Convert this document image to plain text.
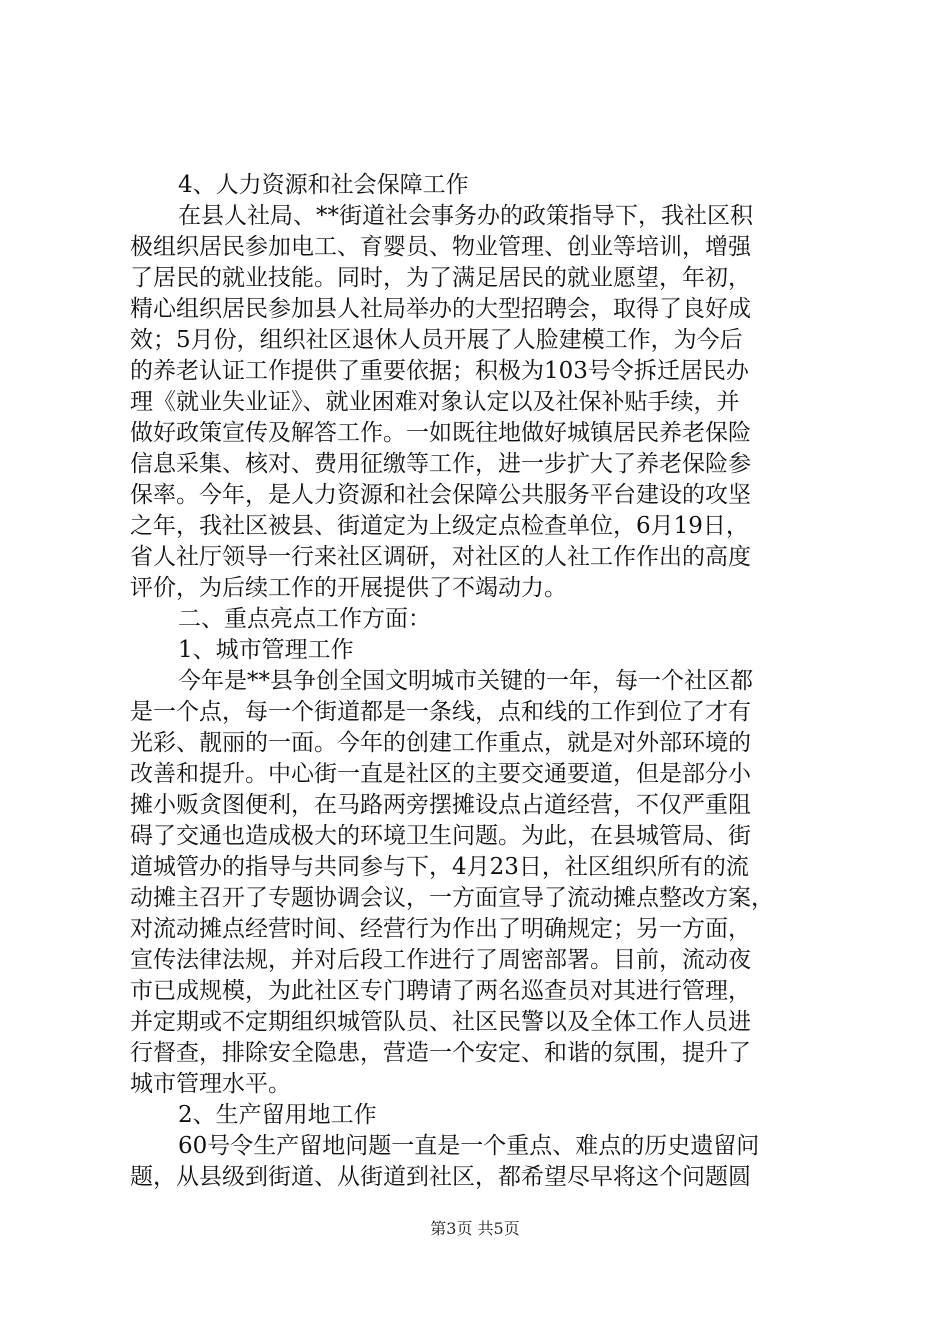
4、人力资源和社会保障工作
在县人社局、**街道社会事务办的政策指导下，我社区积
极组织居民参加电工、育婴员、物业管理、创业等培训，增强
了居民的就业技能。同时，为了满足居民的就业愿望，年初，
精心组织居民参加县人社局举办的大型招聘会，取得了良好成
效；5月份，组织社区退休人员开展了人脸建模工作，为今后
的养老认证工作提供了重要依据；积极为103号令拆迁居民办
理《就业失业证》、就业困难对象认定以及社保补贴手续，并
做好政策宣传及解答工作。一如既往地做好城镇居民养老保险
信息采集、核对、费用征缴等工作，进一步扩大了养老保险参
保率。今年，是人力资源和社会保障公共服务平台建设的攻坚
之年，我社区被县、街道定为上级定点检查单位，6月19日，
省人社厅领导一行来社区调研，对社区的人社工作作出的高度
评价，为后续工作的开展提供了不竭动力。
二、重点亮点工作方面：
1、城市管理工作
今年是**县争创全国文明城市关键的一年，每一个社区都
是一个点，每一个街道都是一条线，点和线的工作到位了才有
光彩、靓丽的一面。今年的创建工作重点，就是对外部环境的
改善和提升。中心街一直是社区的主要交通要道，但是部分小
摊小贩贪图便利，在马路两旁摆摊设点占道经营，不仅严重阻
碍了交通也造成极大的环境卫生问题。为此，在县城管局、街
道城管办的指导与共同参与下，4月23日，社区组织所有的流
动摊主召开了专题协调会议，一方面宣导了流动摊点整改方案，
对流动摊点经营时间、经营行为作出了明确规定；另一方面，
宣传法律法规，并对后段工作进行了周密部署。目前，流动夜
市已成规模，为此社区专门聘请了两名巡查员对其进行管理，
并定期或不定期组织城管队员、社区民警以及全体工作人员进
行督查，排除安全隐患，营造一个安定、和谐的氛围，提升了
城市管理水平。
2、生产留用地工作
60号令生产留地问题一直是一个重点、难点的历史遗留问
题，从县级到街道、从街道到社区，都希望尽早将这个问题圆
第3页 共5页
